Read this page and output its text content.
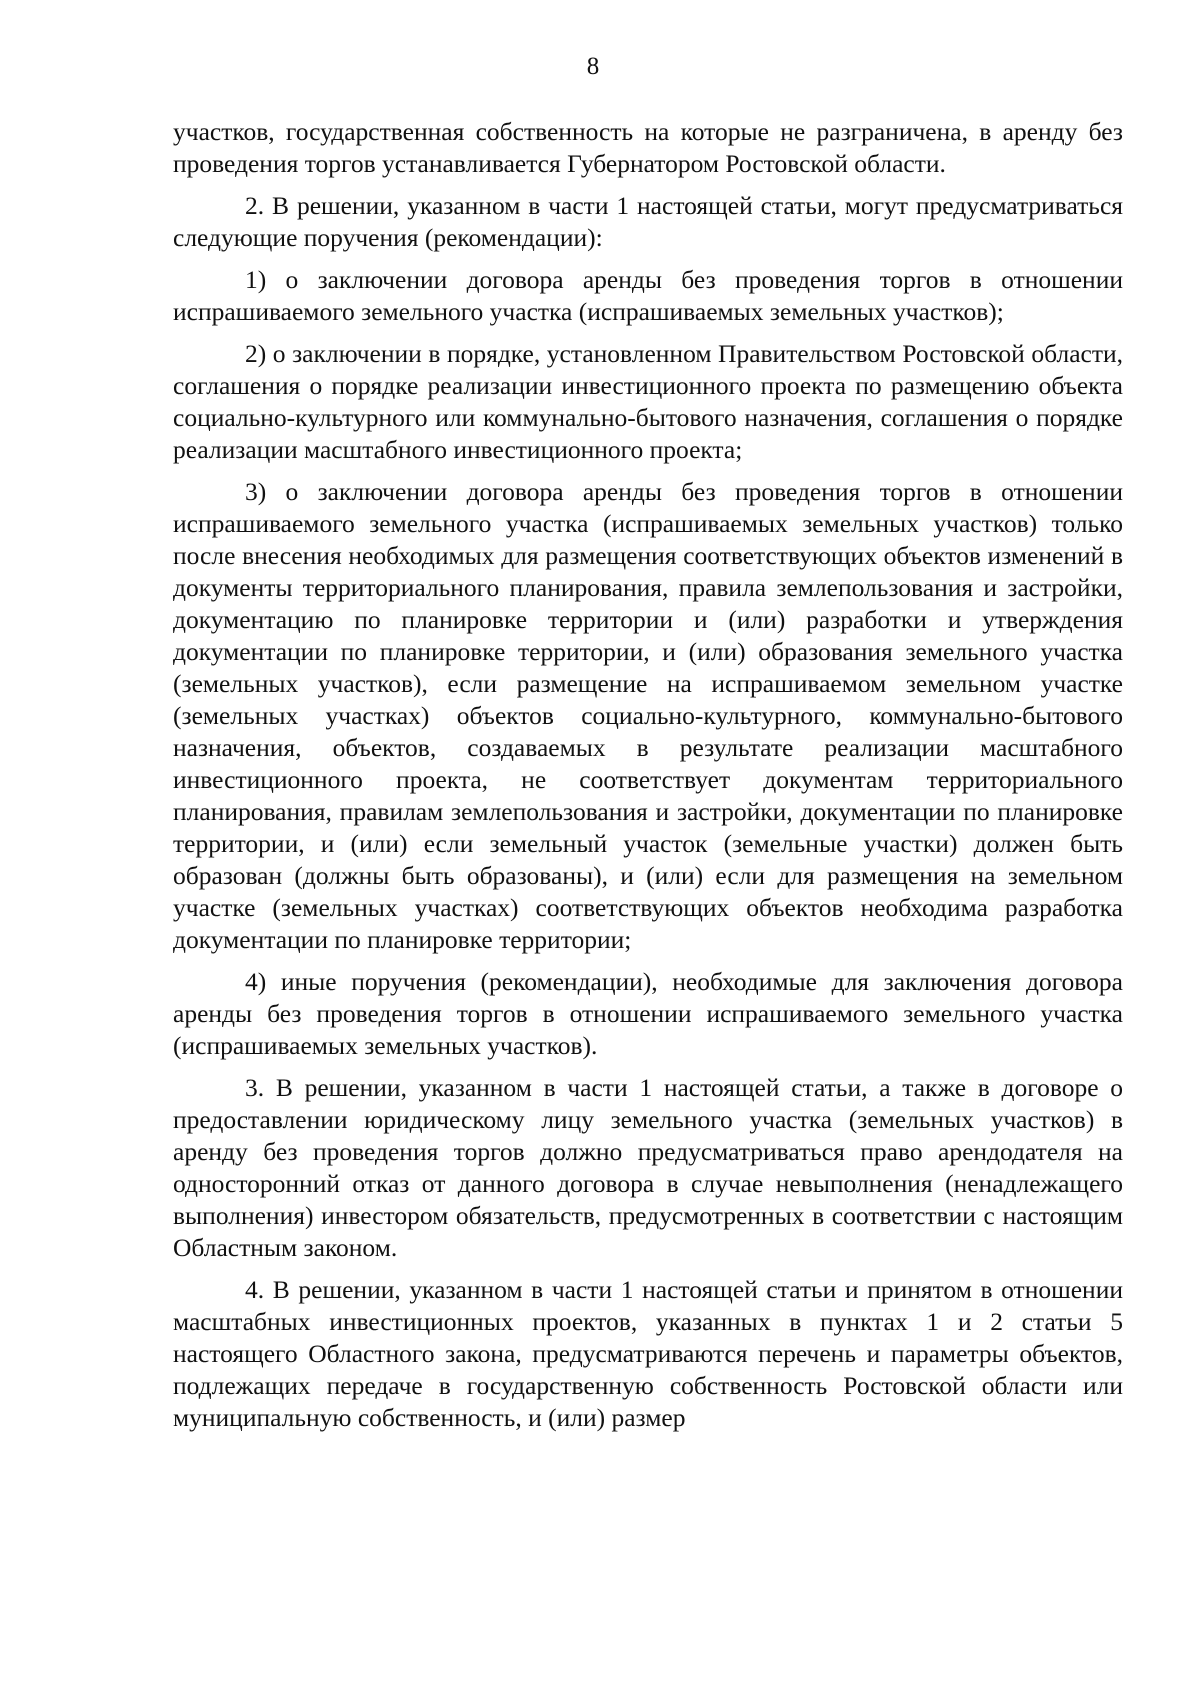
8

участков, государственная собственность на которые не разграничена, в аренду без проведения торгов устанавливается Губернатором Ростовской области.

2. В решении, указанном в части 1 настоящей статьи, могут предусматриваться следующие поручения (рекомендации):

1) о заключении договора аренды без проведения торгов в отношении испрашиваемого земельного участка (испрашиваемых земельных участков);

2) о заключении в порядке, установленном Правительством Ростовской области, соглашения о порядке реализации инвестиционного проекта по размещению объекта социально-культурного или коммунально-бытового назначения, соглашения о порядке реализации масштабного инвестиционного проекта;

3) о заключении договора аренды без проведения торгов в отношении испрашиваемого земельного участка (испрашиваемых земельных участков) только после внесения необходимых для размещения соответствующих объектов изменений в документы территориального планирования, правила землепользования и застройки, документацию по планировке территории и (или) разработки и утверждения документации по планировке территории, и (или) образования земельного участка (земельных участков), если размещение на испрашиваемом земельном участке (земельных участках) объектов социально-культурного, коммунально-бытового назначения, объектов, создаваемых в результате реализации масштабного инвестиционного проекта, не соответствует документам территориального планирования, правилам землепользования и застройки, документации по планировке территории, и (или) если земельный участок (земельные участки) должен быть образован (должны быть образованы), и (или) если для размещения на земельном участке (земельных участках) соответствующих объектов необходима разработка документации по планировке территории;

4) иные поручения (рекомендации), необходимые для заключения договора аренды без проведения торгов в отношении испрашиваемого земельного участка (испрашиваемых земельных участков).

3. В решении, указанном в части 1 настоящей статьи, а также в договоре о предоставлении юридическому лицу земельного участка (земельных участков) в аренду без проведения торгов должно предусматриваться право арендодателя на односторонний отказ от данного договора в случае невыполнения (ненадлежащего выполнения) инвестором обязательств, предусмотренных в соответствии с настоящим Областным законом.

4. В решении, указанном в части 1 настоящей статьи и принятом в отношении масштабных инвестиционных проектов, указанных в пунктах 1 и 2 статьи 5 настоящего Областного закона, предусматриваются перечень и параметры объектов, подлежащих передаче в государственную собственность Ростовской области или муниципальную собственность, и (или) размер
